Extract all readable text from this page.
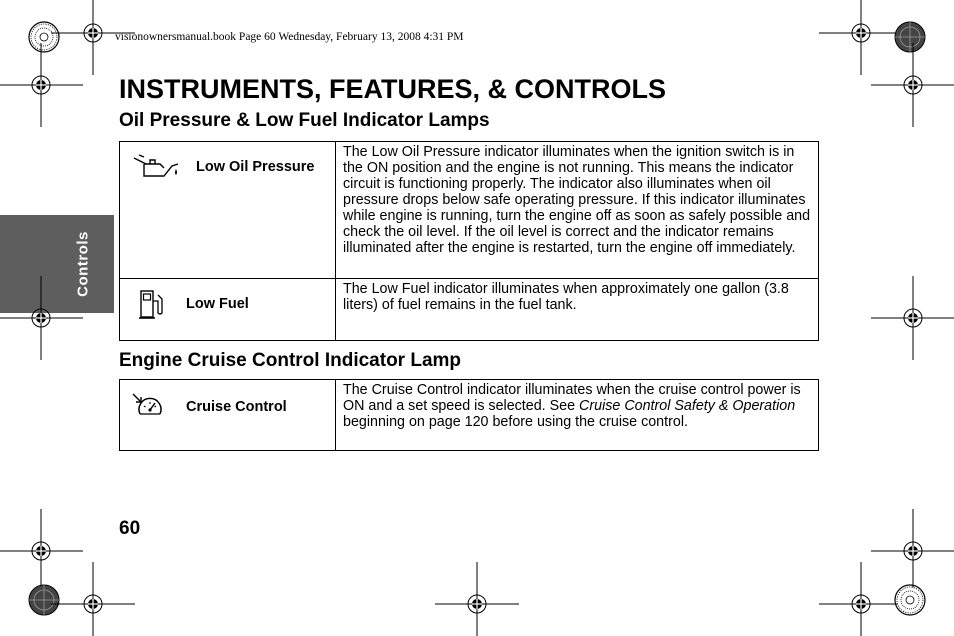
visionownersmanual.book Page 60 Wednesday, February 13, 2008 4:31 PM
Controls
INSTRUMENTS, FEATURES, & CONTROLS
Oil Pressure & Low Fuel Indicator Lamps
Low Oil Pressure	The Low Oil Pressure indicator illuminates when the ignition switch is in the ON position and the engine is not running. This means the indicator circuit is functioning properly. The indicator also illuminates when oil pressure drops below safe operating pressure. If this indicator illuminates while engine is running, turn the engine off as soon as safely possible and check the oil level. If the oil level is correct and the indicator remains illuminated after the engine is restarted, turn the engine off immediately.

Low Fuel	The Low Fuel indicator illuminates when approximately one gallon (3.8 liters) of fuel remains in the fuel tank.
Engine Cruise Control Indicator Lamp
Cruise Control
	The Cruise Control indicator illuminates when the cruise control power is ON and a set speed is selected. See Cruise Control Safety & Operation beginning on page 120 before using the cruise control.
60
